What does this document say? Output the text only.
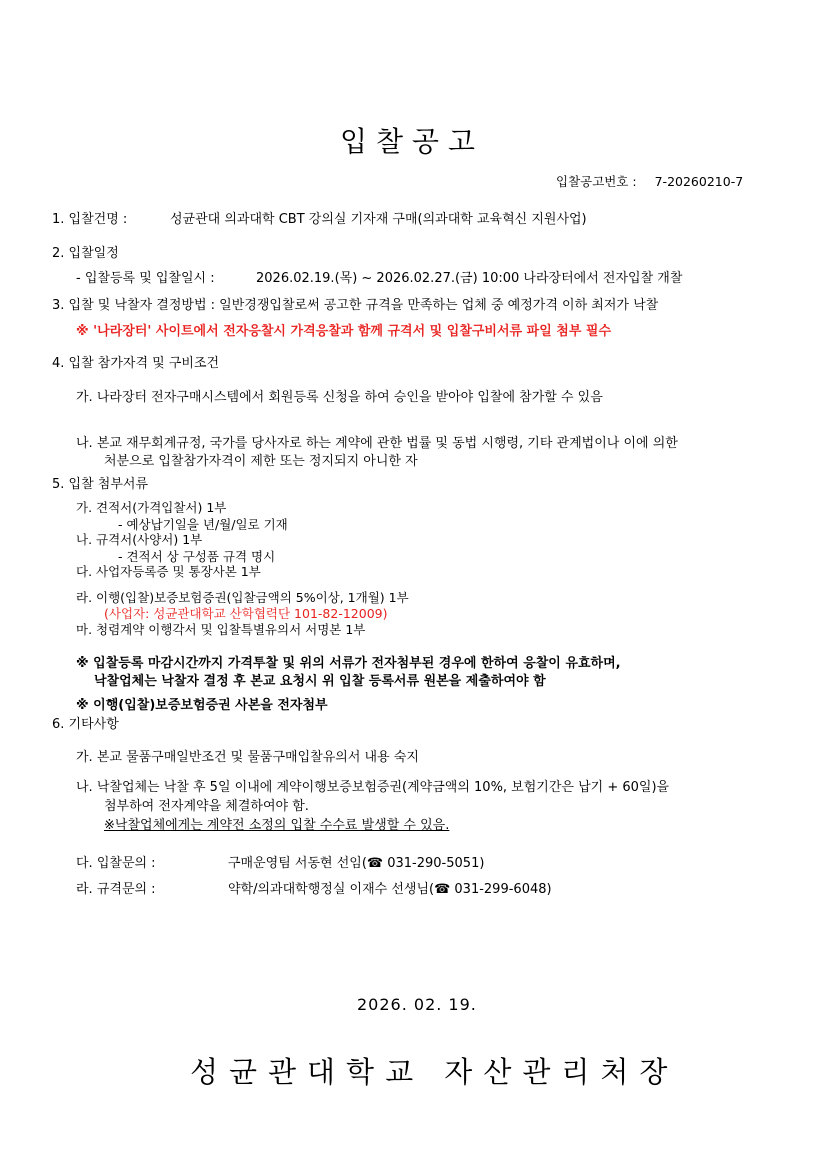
입 찰 공 고
입찰공고번호 : 7-20260210-7
1. 입찰건명 :	성균관대 의과대학 CBT 강의실 기자재 구매(의과대학 교육혁신 지원사업)
2. 입찰일정
- 입찰등록 및 입찰일시 :	2026.02.19.(목) ~ 2026.02.27.(금) 10:00 나라장터에서 전자입찰 개찰
3. 입찰 및 낙찰자 결정방법 : 일반경쟁입찰로써 공고한 규격을 만족하는 업체 중 예정가격 이하 최저가 낙찰
※ '나라장터' 사이트에서 전자응찰시 가격응찰과 함께 규격서 및 입찰구비서류 파일 첨부 필수
4. 입찰 참가자격 및 구비조건
가. 나라장터 전자구매시스템에서 회원등록 신청을 하여 승인을 받아야 입찰에 참가할 수 있음
나. 본교 재무회계규정, 국가를 당사자로 하는 계약에 관한 법률 및 동법 시행령, 기타 관계법이나 이에 의한
처분으로 입찰참가자격이 제한 또는 정지되지 아니한 자
5. 입찰 첨부서류
가. 견적서(가격입찰서) 1부
- 예상납기일을 년/월/일로 기재
나. 규격서(사양서) 1부
- 견적서 상 구성품 규격 명시
다. 사업자등록증 및 통장사본 1부
라. 이행(입찰)보증보험증권(입찰금액의 5%이상, 1개월) 1부
(사업자: 성균관대학교 산학협력단 101-82-12009)
마. 청렴계약 이행각서 및 입찰특별유의서 서명본 1부
※ 입찰등록 마감시간까지 가격투찰 및 위의 서류가 전자첨부된 경우에 한하여 응찰이 유효하며,
낙찰업체는 낙찰자 결정 후 본교 요청시 위 입찰 등록서류 원본을 제출하여야 함
※ 이행(입찰)보증보험증권 사본을 전자첨부
6. 기타사항
가. 본교 물품구매일반조건 및 물품구매입찰유의서 내용 숙지
나. 낙찰업체는 낙찰 후 5일 이내에 계약이행보증보험증권(계약금액의 10%, 보험기간은 납기 + 60일)을
첨부하여 전자계약을 체결하여야 함.
※낙찰업체에게는 계약전 소정의 입찰 수수료 발생할 수 있음.
다. 입찰문의 :	구매운영팀 서동현 선임(☎ 031-290-5051)
라. 규격문의 :	약학/의과대학행정실 이재수 선생님(☎ 031-299-6048)
2026. 02. 19.
성균관대학교 자산관리처장
